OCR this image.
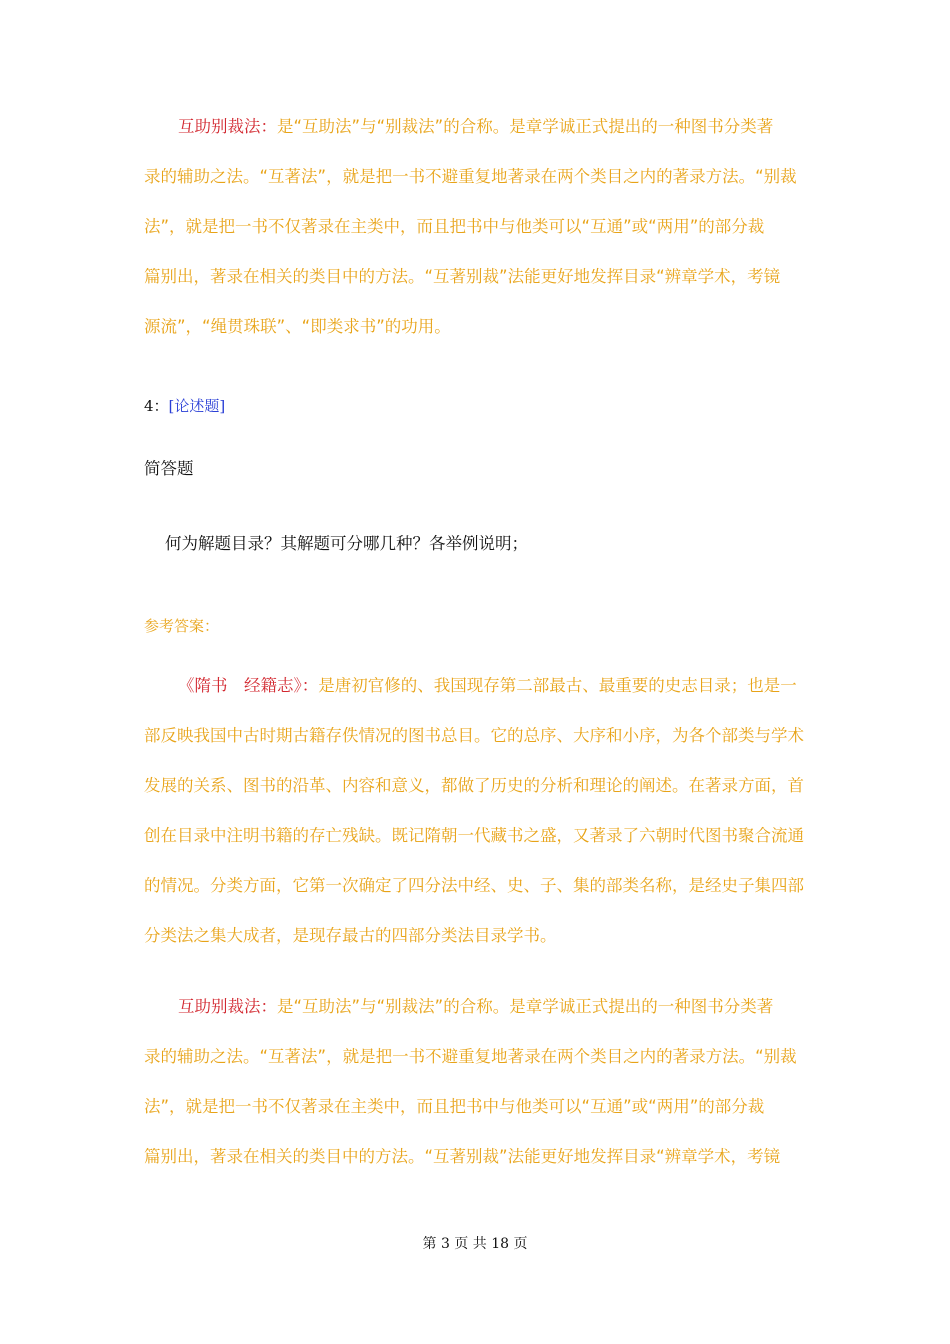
互助别裁法：是“互助法”与“别裁法”的合称。是章学诚正式提出的一种图书分类著
录的辅助之法。“互著法”，就是把一书不避重复地著录在两个类目之内的著录方法。“别裁
法”，就是把一书不仅著录在主类中，而且把书中与他类可以“互通”或“两用”的部分裁
篇别出，著录在相关的类目中的方法。“互著别裁”法能更好地发挥目录“辨章学术，考镜
源流”，“绳贯珠联”、“即类求书”的功用。
4：[论述题]
简答题
何为解题目录？其解题可分哪几种？各举例说明；
参考答案：
《隋书　经籍志》：是唐初官修的、我国现存第二部最古、最重要的史志目录；也是一
部反映我国中古时期古籍存佚情况的图书总目。它的总序、大序和小序，为各个部类与学术
发展的关系、图书的沿革、内容和意义，都做了历史的分析和理论的阐述。在著录方面，首
创在目录中注明书籍的存亡残缺。既记隋朝一代藏书之盛，又著录了六朝时代图书聚合流通
的情况。分类方面，它第一次确定了四分法中经、史、子、集的部类名称，是经史子集四部
分类法之集大成者，是现存最古的四部分类法目录学书。
互助别裁法：是“互助法”与“别裁法”的合称。是章学诚正式提出的一种图书分类著
录的辅助之法。“互著法”，就是把一书不避重复地著录在两个类目之内的著录方法。“别裁
法”，就是把一书不仅著录在主类中，而且把书中与他类可以“互通”或“两用”的部分裁
篇别出，著录在相关的类目中的方法。“互著别裁”法能更好地发挥目录“辨章学术，考镜
第 3 页 共 18 页
